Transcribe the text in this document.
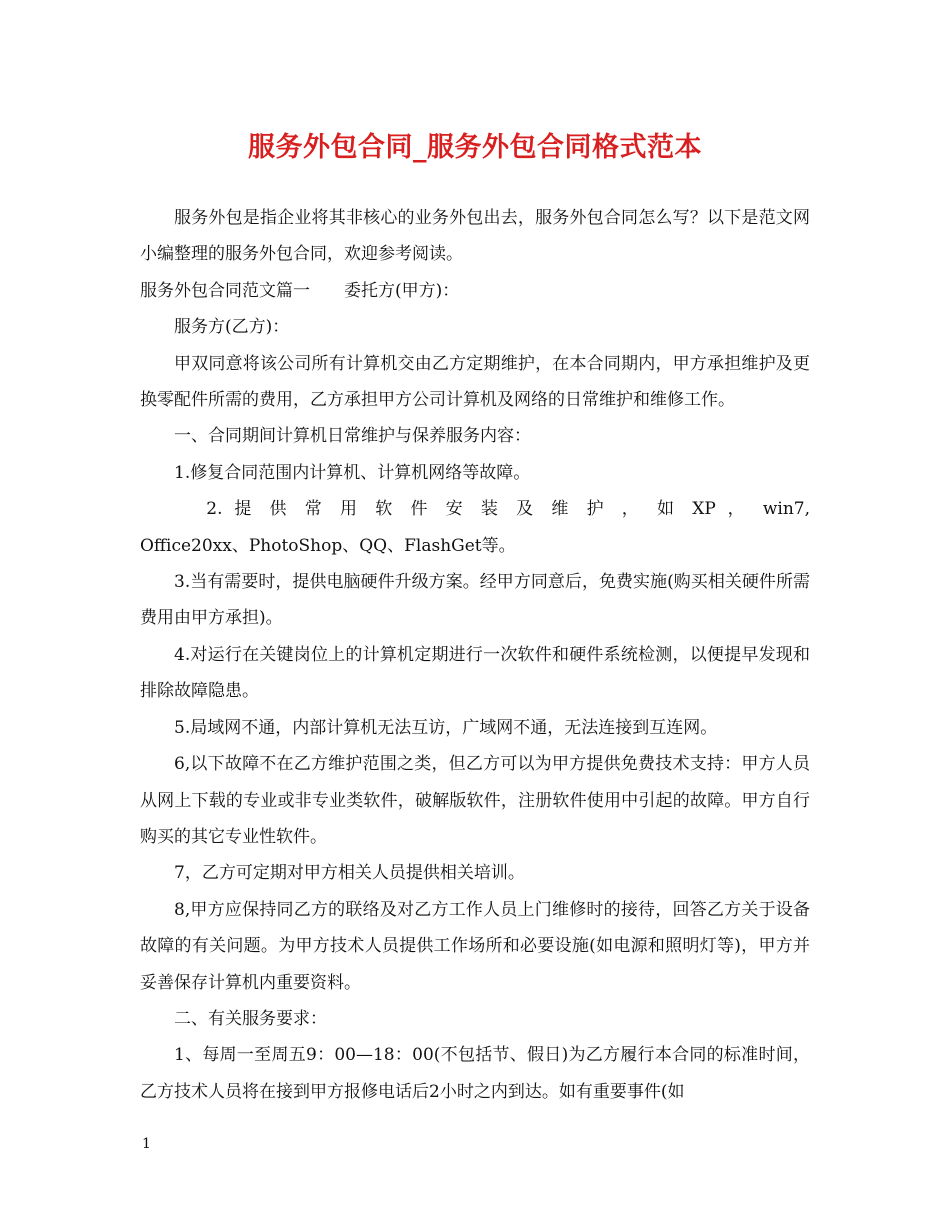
服务外包合同_服务外包合同格式范本

服务外包是指企业将其非核心的业务外包出去，服务外包合同怎么写？以下是范文网小编整理的服务外包合同，欢迎参考阅读。

服务外包合同范文篇一　　委托方(甲方)：

服务方(乙方)：

甲双同意将该公司所有计算机交由乙方定期维护，在本合同期内，甲方承担维护及更换零配件所需的费用，乙方承担甲方公司计算机及网络的日常维护和维修工作。

一、合同期间计算机日常维护与保养服务内容：

1.修复合同范围内计算机、计算机网络等故障。

2. 提 供 常 用 软 件 安 装 及 维 护 ， 如 XP ， win7,

Office20xx、PhotoShop、QQ、FlashGet等。

3.当有需要时，提供电脑硬件升级方案。经甲方同意后，免费实施(购买相关硬件所需费用由甲方承担)。

4.对运行在关键岗位上的计算机定期进行一次软件和硬件系统检测，以便提早发现和排除故障隐患。

5.局域网不通，内部计算机无法互访，广域网不通，无法连接到互连网。

6,以下故障不在乙方维护范围之类，但乙方可以为甲方提供免费技术支持：甲方人员从网上下载的专业或非专业类软件，破解版软件，注册软件使用中引起的故障。甲方自行购买的其它专业性软件。

7，乙方可定期对甲方相关人员提供相关培训。

8,甲方应保持同乙方的联络及对乙方工作人员上门维修时的接待，回答乙方关于设备故障的有关问题。为甲方技术人员提供工作场所和必要设施(如电源和照明灯等)，甲方并妥善保存计算机内重要资料。

二、有关服务要求：

1、每周一至周五9：00—18：00(不包括节、假日)为乙方履行本合同的标准时间，乙方技术人员将在接到甲方报修电话后2小时之内到达。如有重要事件(如

1
